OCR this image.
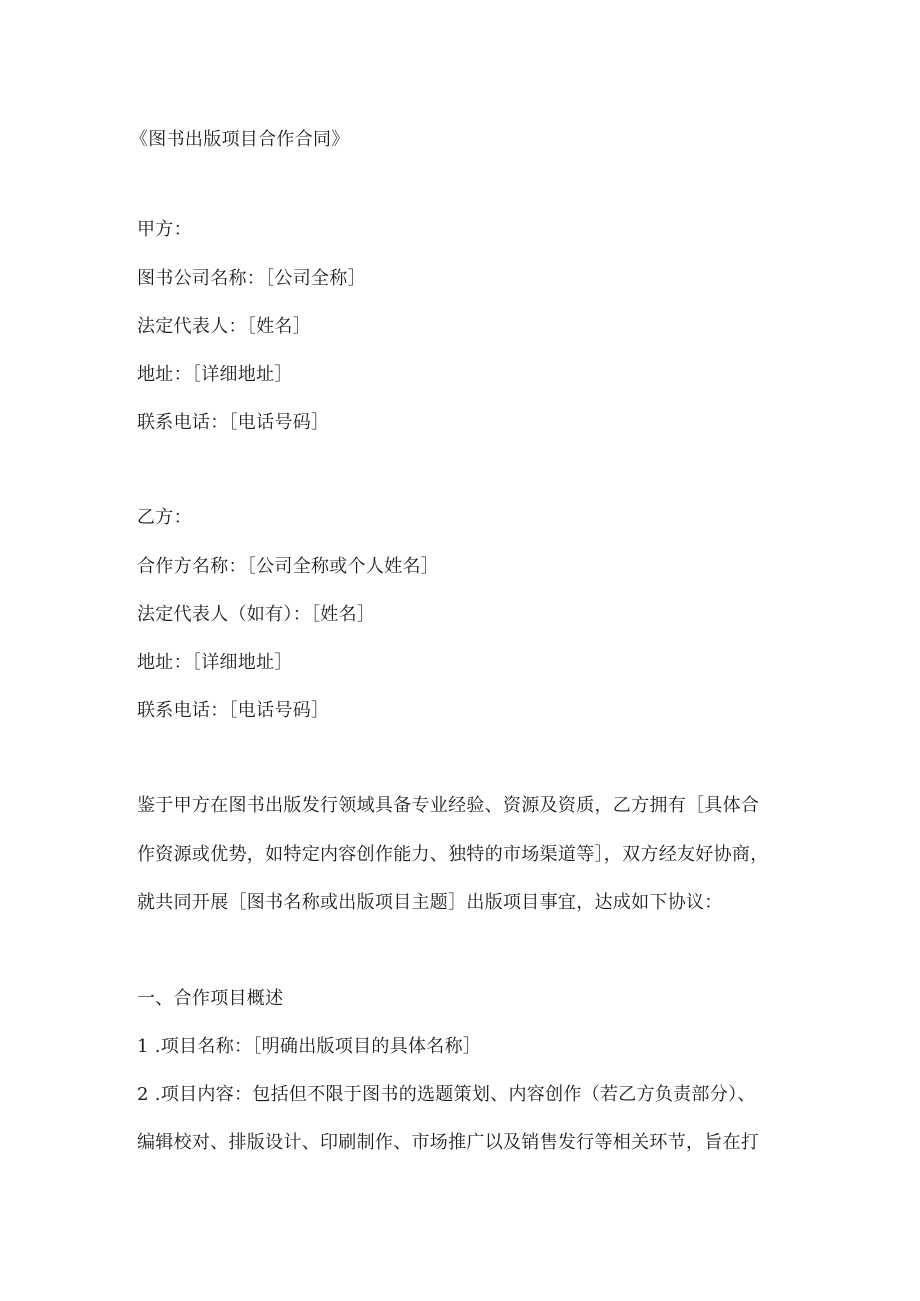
《图书出版项目合作合同》
甲方：
图书公司名称：［公司全称］
法定代表人：［姓名］
地址：［详细地址］
联系电话：［电话号码］
乙方：
合作方名称：［公司全称或个人姓名］
法定代表人（如有）：［姓名］
地址：［详细地址］
联系电话：［电话号码］
鉴于甲方在图书出版发行领域具备专业经验、资源及资质，乙方拥有［具体合
作资源或优势，如特定内容创作能力、独特的市场渠道等］，双方经友好协商，
就共同开展［图书名称或出版项目主题］出版项目事宜，达成如下协议：
一、合作项目概述
1 .项目名称：［明确出版项目的具体名称］
2 .项目内容：包括但不限于图书的选题策划、内容创作（若乙方负责部分）、
编辑校对、排版设计、印刷制作、市场推广以及销售发行等相关环节，旨在打
